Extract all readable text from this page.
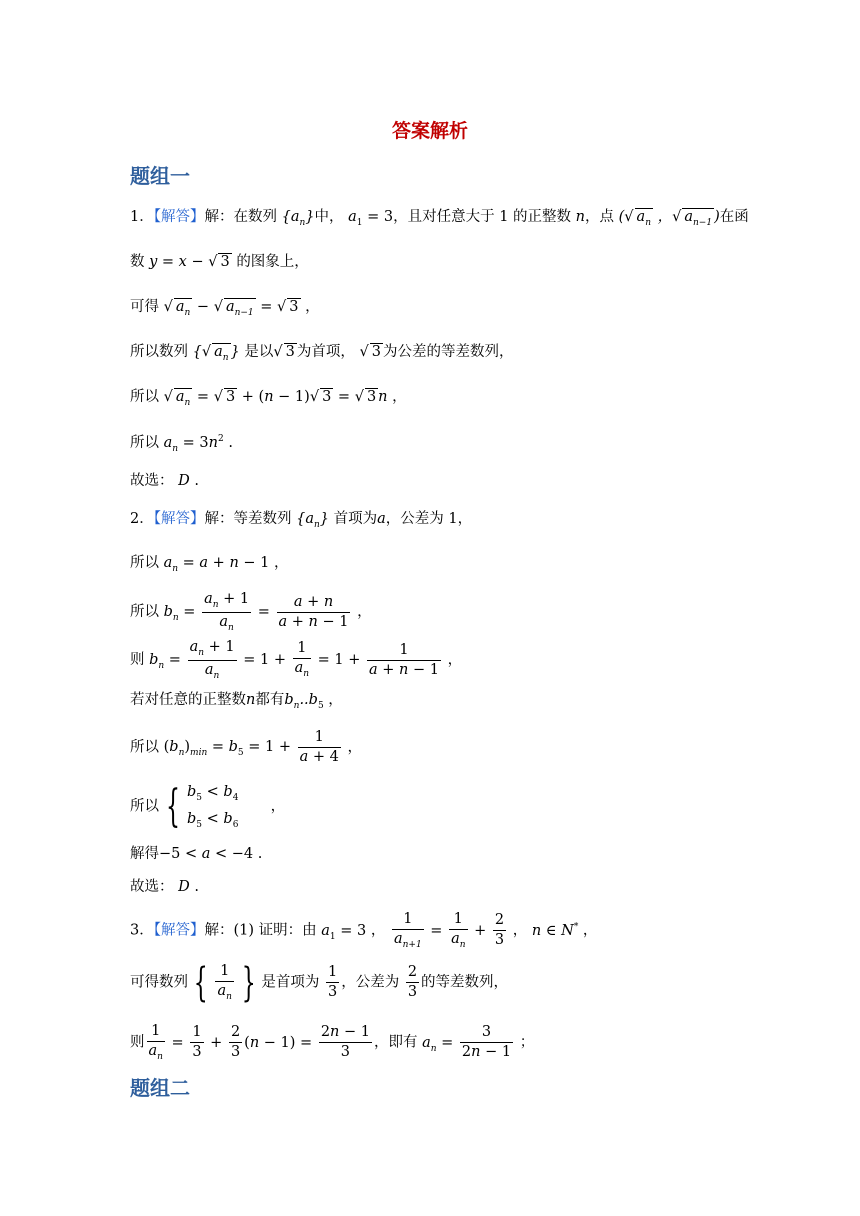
答案解析
题组一
1．【解答】解：在数列 $\{a_n\}$中， $a_1 = 3$，且对任意大于 1 的正整数 n，点 (√ $a_n$ ，√ $a_{n-1}$ )在函
数 y = x − √ 3 的图象上，
可得 √ $a_n$ − √ $a_{n-1}$ = √ 3 ，
所以数列 {√ $a_n$ } 是以√ 3 为首项， √ 3 为公差的等差数列，
所以 √ $a_n$ = √ 3 + (n − 1)√ 3 = √ 3 n ，
所以 $a_n = 3n^2$ .
故选： D .
2．【解答】解：等差数列 $\{a_n\}$ 首项为a，公差为 1，
所以 $a_n = a + n - 1$ ，
所以 $b_n = \frac{a_n + 1}{a_n} = \frac{a + n}{a + n - 1}$ ，
则 $b_n = \frac{a_n + 1}{a_n} = 1 + \frac{1}{a_n} = 1 + \frac{1}{a + n - 1}$ ，
若对任意的正整数n都有$b_n..b_5$ ，
所以 $(b_n)_{min} = b_5 = 1 + \frac{1}{a + 4}$ ，
所以 { $b_5 < b_4$
$b_5 < b_6$
，
解得−5 < a < −4 .
故选： D .
3．【解答】解：(1) 证明：由 $a_1 = 3$ ， $\frac{1}{a_{n+1}} = \frac{1}{a_n} + \frac{2}{3}$ ， n ∈ N* ，
可得数列 { $\frac{1}{a_n}$ } 是首项为 $\frac{1}{3}$ ，公差为 $\frac{2}{3}$ 的等差数列，
则 $\frac{1}{a_n} = \frac{1}{3} + \frac{2}{3} (n - 1) = \frac{2n - 1}{3}$ ，即有 $a_n = \frac{3}{2n - 1}$ ；
题组二
